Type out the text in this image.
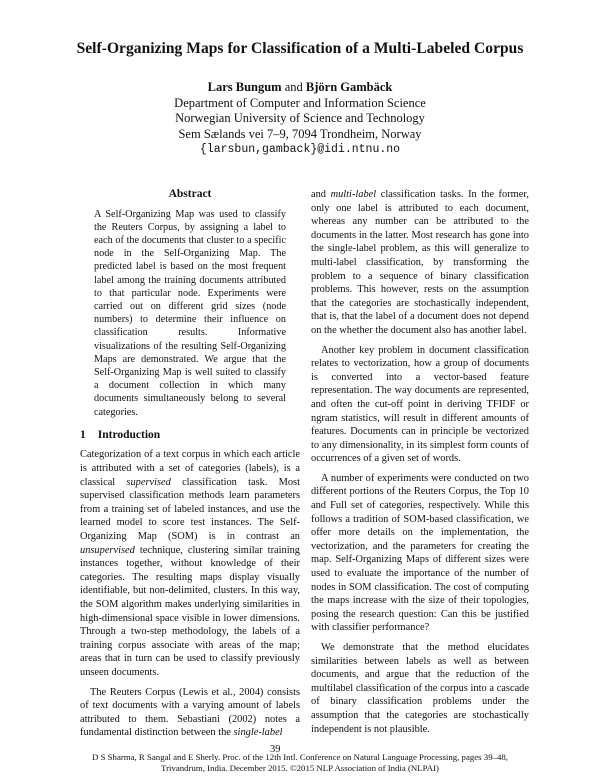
Self-Organizing Maps for Classification of a Multi-Labeled Corpus
Lars Bungum and Björn Gambäck
Department of Computer and Information Science
Norwegian University of Science and Technology
Sem Sælands vei 7–9, 7094 Trondheim, Norway
{larsbun,gamback}@idi.ntnu.no
Abstract
A Self-Organizing Map was used to classify the Reuters Corpus, by assigning a label to each of the documents that cluster to a specific node in the Self-Organizing Map. The predicted label is based on the most frequent label among the training documents attributed to that particular node. Experiments were carried out on different grid sizes (node numbers) to determine their influence on classification results. Informative visualizations of the resulting Self-Organizing Maps are demonstrated. We argue that the Self-Organizing Map is well suited to classify a document collection in which many documents simultaneously belong to several categories.
1 Introduction

Categorization of a text corpus in which each article is attributed with a set of categories (labels), is a classical supervised classification task. Most supervised classification methods learn parameters from a training set of labeled instances, and use the learned model to score test instances. The Self-Organizing Map (SOM) is in contrast an unsupervised technique, clustering similar training instances together, without knowledge of their categories. The resulting maps display visually identifiable, but non-delimited, clusters. In this way, the SOM algorithm makes underlying similarities in high-dimensional space visible in lower dimensions. Through a two-step methodology, the labels of a training corpus associate with areas of the map; areas that in turn can be used to classify previously unseen documents.

The Reuters Corpus (Lewis et al., 2004) consists of text documents with a varying amount of labels attributed to them. Sebastiani (2002) notes a fundamental distinction between the single-label

and multi-label classification tasks. In the former, only one label is attributed to each document, whereas any number can be attributed to the documents in the latter. Most research has gone into the single-label problem, as this will generalize to multi-label classification, by transforming the problem to a sequence of binary classification problems. This however, rests on the assumption that the categories are stochastically independent, that is, that the label of a document does not depend on the whether the document also has another label.

Another key problem in document classification relates to vectorization, how a group of documents is converted into a vector-based feature representation. The way documents are represented, and often the cut-off point in deriving TFIDF or ngram statistics, will result in different amounts of features. Documents can in principle be vectorized to any dimensionality, in its simplest form counts of occurrences of a given set of words.

A number of experiments were conducted on two different portions of the Reuters Corpus, the Top 10 and Full set of categories, respectively. While this follows a tradition of SOM-based classification, we offer more details on the implementation, the vectorization, and the parameters for creating the map. Self-Organizing Maps of different sizes were used to evaluate the importance of the number of nodes in SOM classification. The cost of computing the maps increase with the size of their topologies, posing the research question: Can this be justified with classifier performance?

We demonstrate that the method elucidates similarities between labels as well as between documents, and argue that the reduction of the multilabel classification of the corpus into a cascade of binary classification problems under the assumption that the categories are stochastically independent is not plausible.

39
D S Sharma, R Sangal and E Sherly. Proc. of the 12th Intl. Conference on Natural Language Processing, pages 39–48,
Trivandrum, India. December 2015. ©2015 NLP Association of India (NLPAI)
